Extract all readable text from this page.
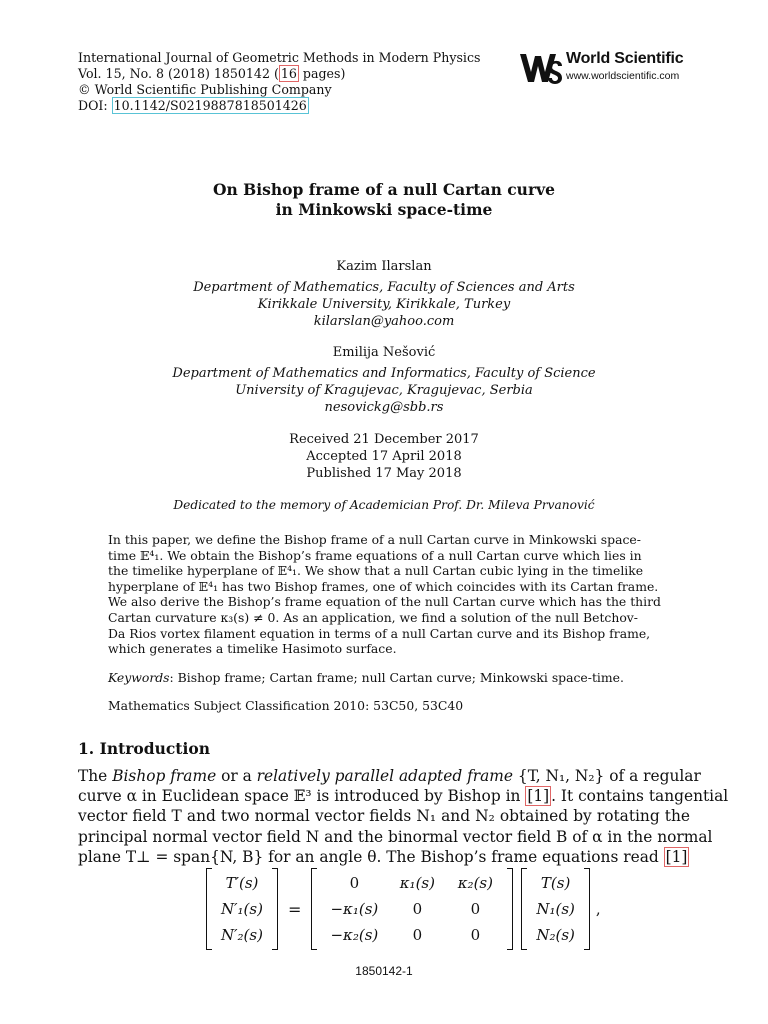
International Journal of Geometric Methods in Modern Physics
Vol. 15, No. 8 (2018) 1850142 ( 16 pages)
© World Scientific Publishing Company
DOI: 10.1142/S0219887818501426
World Scientific
www.worldscientific.com
On Bishop frame of a null Cartan curve
in Minkowski space-time
Kazim Ilarslan
Department of Mathematics, Faculty of Sciences and Arts
Kirikkale University, Kirikkale, Turkey
kilarslan@yahoo.com
Emilija Nešović
Department of Mathematics and Informatics, Faculty of Science
University of Kragujevac, Kragujevac, Serbia
nesovickg@sbb.rs
Received 21 December 2017
Accepted 17 April 2018
Published 17 May 2018
Dedicated to the memory of Academician Prof. Dr. Mileva Prvanović
In this paper, we define the Bishop frame of a null Cartan curve in Minkowski space-
time 𝔼⁴₁. We obtain the Bishop’s frame equations of a null Cartan curve which lies in
the timelike hyperplane of 𝔼⁴₁. We show that a null Cartan cubic lying in the timelike
hyperplane of 𝔼⁴₁ has two Bishop frames, one of which coincides with its Cartan frame.
We also derive the Bishop’s frame equation of the null Cartan curve which has the third
Cartan curvature κ₃(s) ≠ 0. As an application, we find a solution of the null Betchov-
Da Rios vortex filament equation in terms of a null Cartan curve and its Bishop frame,
which generates a timelike Hasimoto surface.
Keywords: Bishop frame; Cartan frame; null Cartan curve; Minkowski space-time.
Mathematics Subject Classification 2010: 53C50, 53C40
1. Introduction
The Bishop frame or a relatively parallel adapted frame {T, N₁, N₂} of a regular
curve α in Euclidean space 𝔼³ is introduced by Bishop in [1] . It contains tangential
vector field T and two normal vector fields N₁ and N₂ obtained by rotating the
principal normal vector field N and the binormal vector field B of α in the normal
plane T⊥ = span{N, B} for an angle θ. The Bishop’s frame equations read [1]
T′(s)
N′₁(s)
N′₂(s)
=
0	κ₁(s)	κ₂(s)
−κ₁(s)	0	0
−κ₂(s)	0	0
T(s)
N₁(s)
N₂(s)
,
1850142-1
